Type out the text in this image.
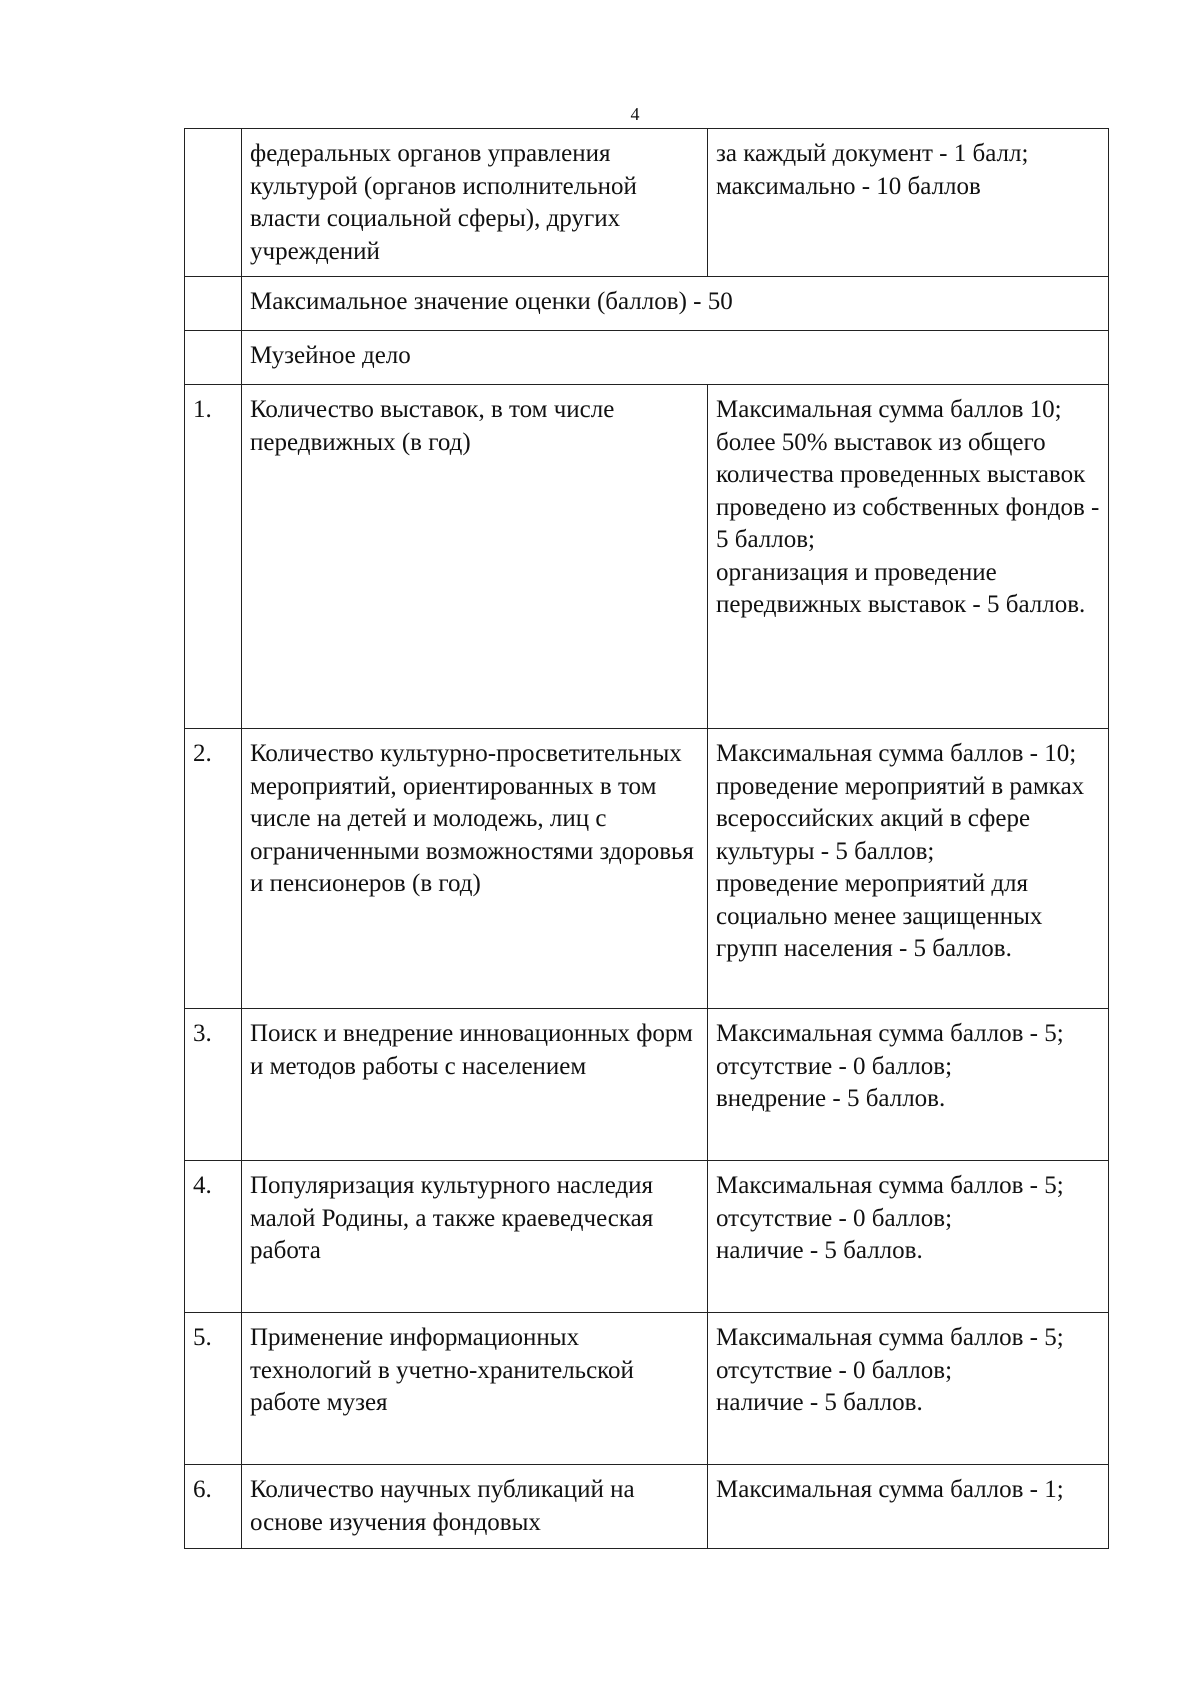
4
	федеральных органов управления культурой (органов исполнительной власти социальной сферы), других учреждений	за каждый документ - 1 балл;
максимально - 10 баллов

	Максимальное значение оценки (баллов) - 50	
	Музейное дело	
1.	Количество выставок, в том числе передвижных (в год)	Максимальная сумма баллов 10;
более 50% выставок из общего количества проведенных выставок проведено из собственных фондов - 5 баллов;
организация и проведение передвижных выставок - 5 баллов.

2.	Количество культурно-просветительных мероприятий, ориентированных в том числе на детей и молодежь, лиц с ограниченными возможностями здоровья и пенсионеров (в год)	Максимальная сумма баллов - 10;
проведение мероприятий в рамках всероссийских акций в сфере культуры - 5 баллов;
проведение мероприятий для социально менее защищенных групп населения - 5 баллов.

3.	Поиск и внедрение инновационных форм и методов работы с населением	Максимальная сумма баллов - 5;
отсутствие - 0 баллов;
внедрение - 5 баллов.

4.	Популяризация культурного наследия малой Родины, а также краеведческая работа	Максимальная сумма баллов - 5;
отсутствие - 0 баллов;
наличие - 5 баллов.

5.	Применение информационных технологий в учетно-хранительской работе музея	Максимальная сумма баллов - 5;
отсутствие - 0 баллов;
наличие - 5 баллов.

6.	Количество научных публикаций на основе изучения фондовых	Максимальная сумма баллов - 1;
